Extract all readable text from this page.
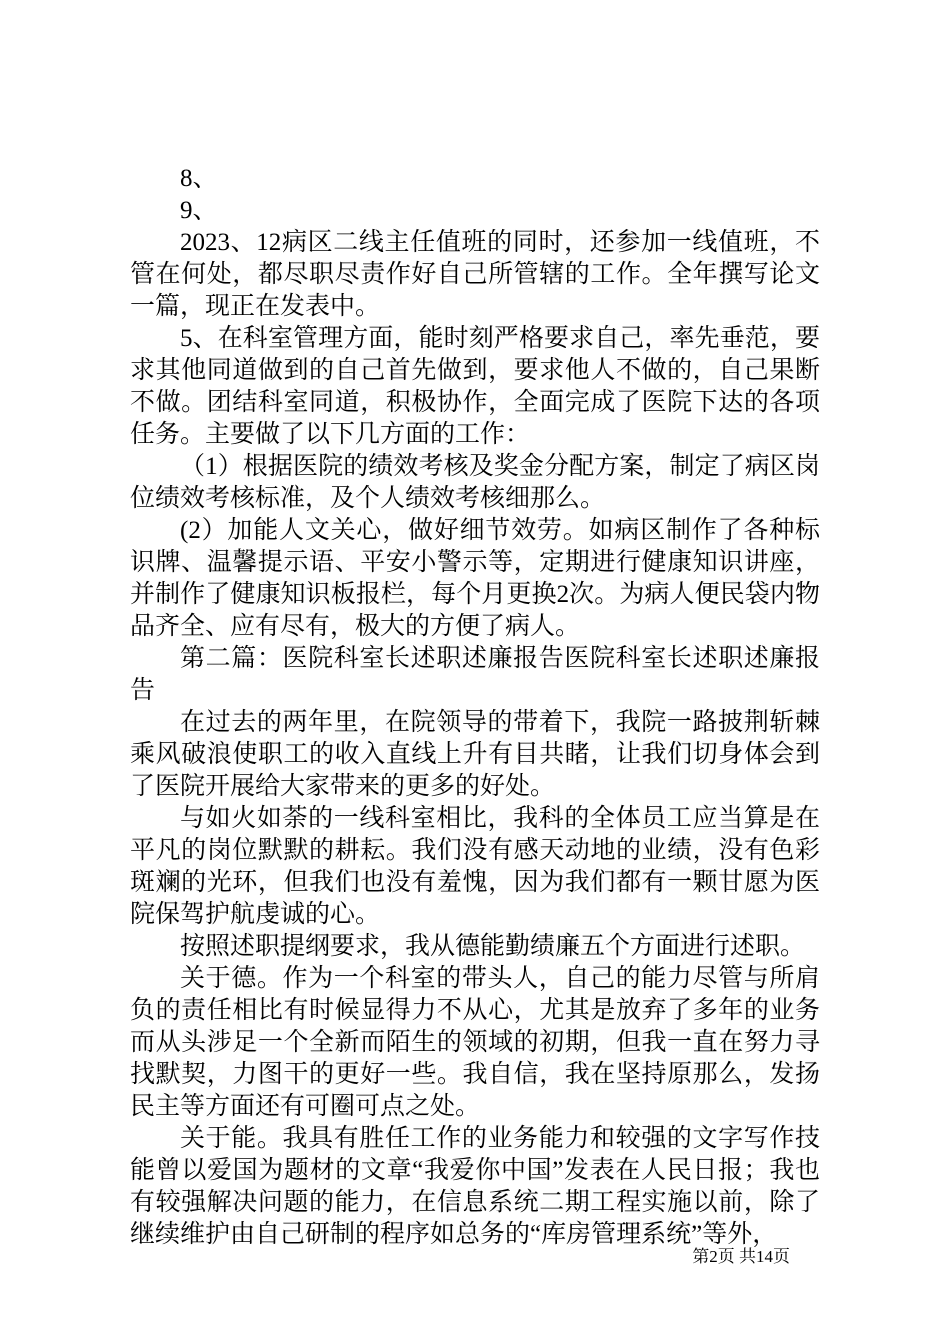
8、

9、

2023、12病区二线主任值班的同时，还参加一线值班，不管在何处，都尽职尽责作好自己所管辖的工作。全年撰写论文一篇，现正在发表中。

5、在科室管理方面，能时刻严格要求自己，率先垂范，要求其他同道做到的自己首先做到，要求他人不做的，自己果断不做。团结科室同道，积极协作，全面完成了医院下达的各项任务。主要做了以下几方面的工作：

（1）根据医院的绩效考核及奖金分配方案，制定了病区岗位绩效考核标准，及个人绩效考核细那么。

(2）加能人文关心，做好细节效劳。如病区制作了各种标识牌、温馨提示语、平安小警示等，定期进行健康知识讲座，并制作了健康知识板报栏，每个月更换2次。为病人便民袋内物品齐全、应有尽有，极大的方便了病人。

第二篇：医院科室长述职述廉报告医院科室长述职述廉报告

在过去的两年里，在院领导的带着下，我院一路披荆斩棘乘风破浪使职工的收入直线上升有目共睹，让我们切身体会到了医院开展给大家带来的更多的好处。

与如火如荼的一线科室相比，我科的全体员工应当算是在平凡的岗位默默的耕耘。我们没有感天动地的业绩，没有色彩斑斓的光环，但我们也没有羞愧，因为我们都有一颗甘愿为医院保驾护航虔诚的心。

按照述职提纲要求，我从德能勤绩廉五个方面进行述职。

关于德。作为一个科室的带头人，自己的能力尽管与所肩负的责任相比有时候显得力不从心，尤其是放弃了多年的业务而从头涉足一个全新而陌生的领域的初期，但我一直在努力寻找默契，力图干的更好一些。我自信，我在坚持原那么，发扬民主等方面还有可圈可点之处。

关于能。我具有胜任工作的业务能力和较强的文字写作技能曾以爱国为题材的文章“我爱你中国”发表在人民日报；我也有较强解决问题的能力，在信息系统二期工程实施以前，除了继续维护由自己研制的程序如总务的“库房管理系统”等外，

第2页 共14页
